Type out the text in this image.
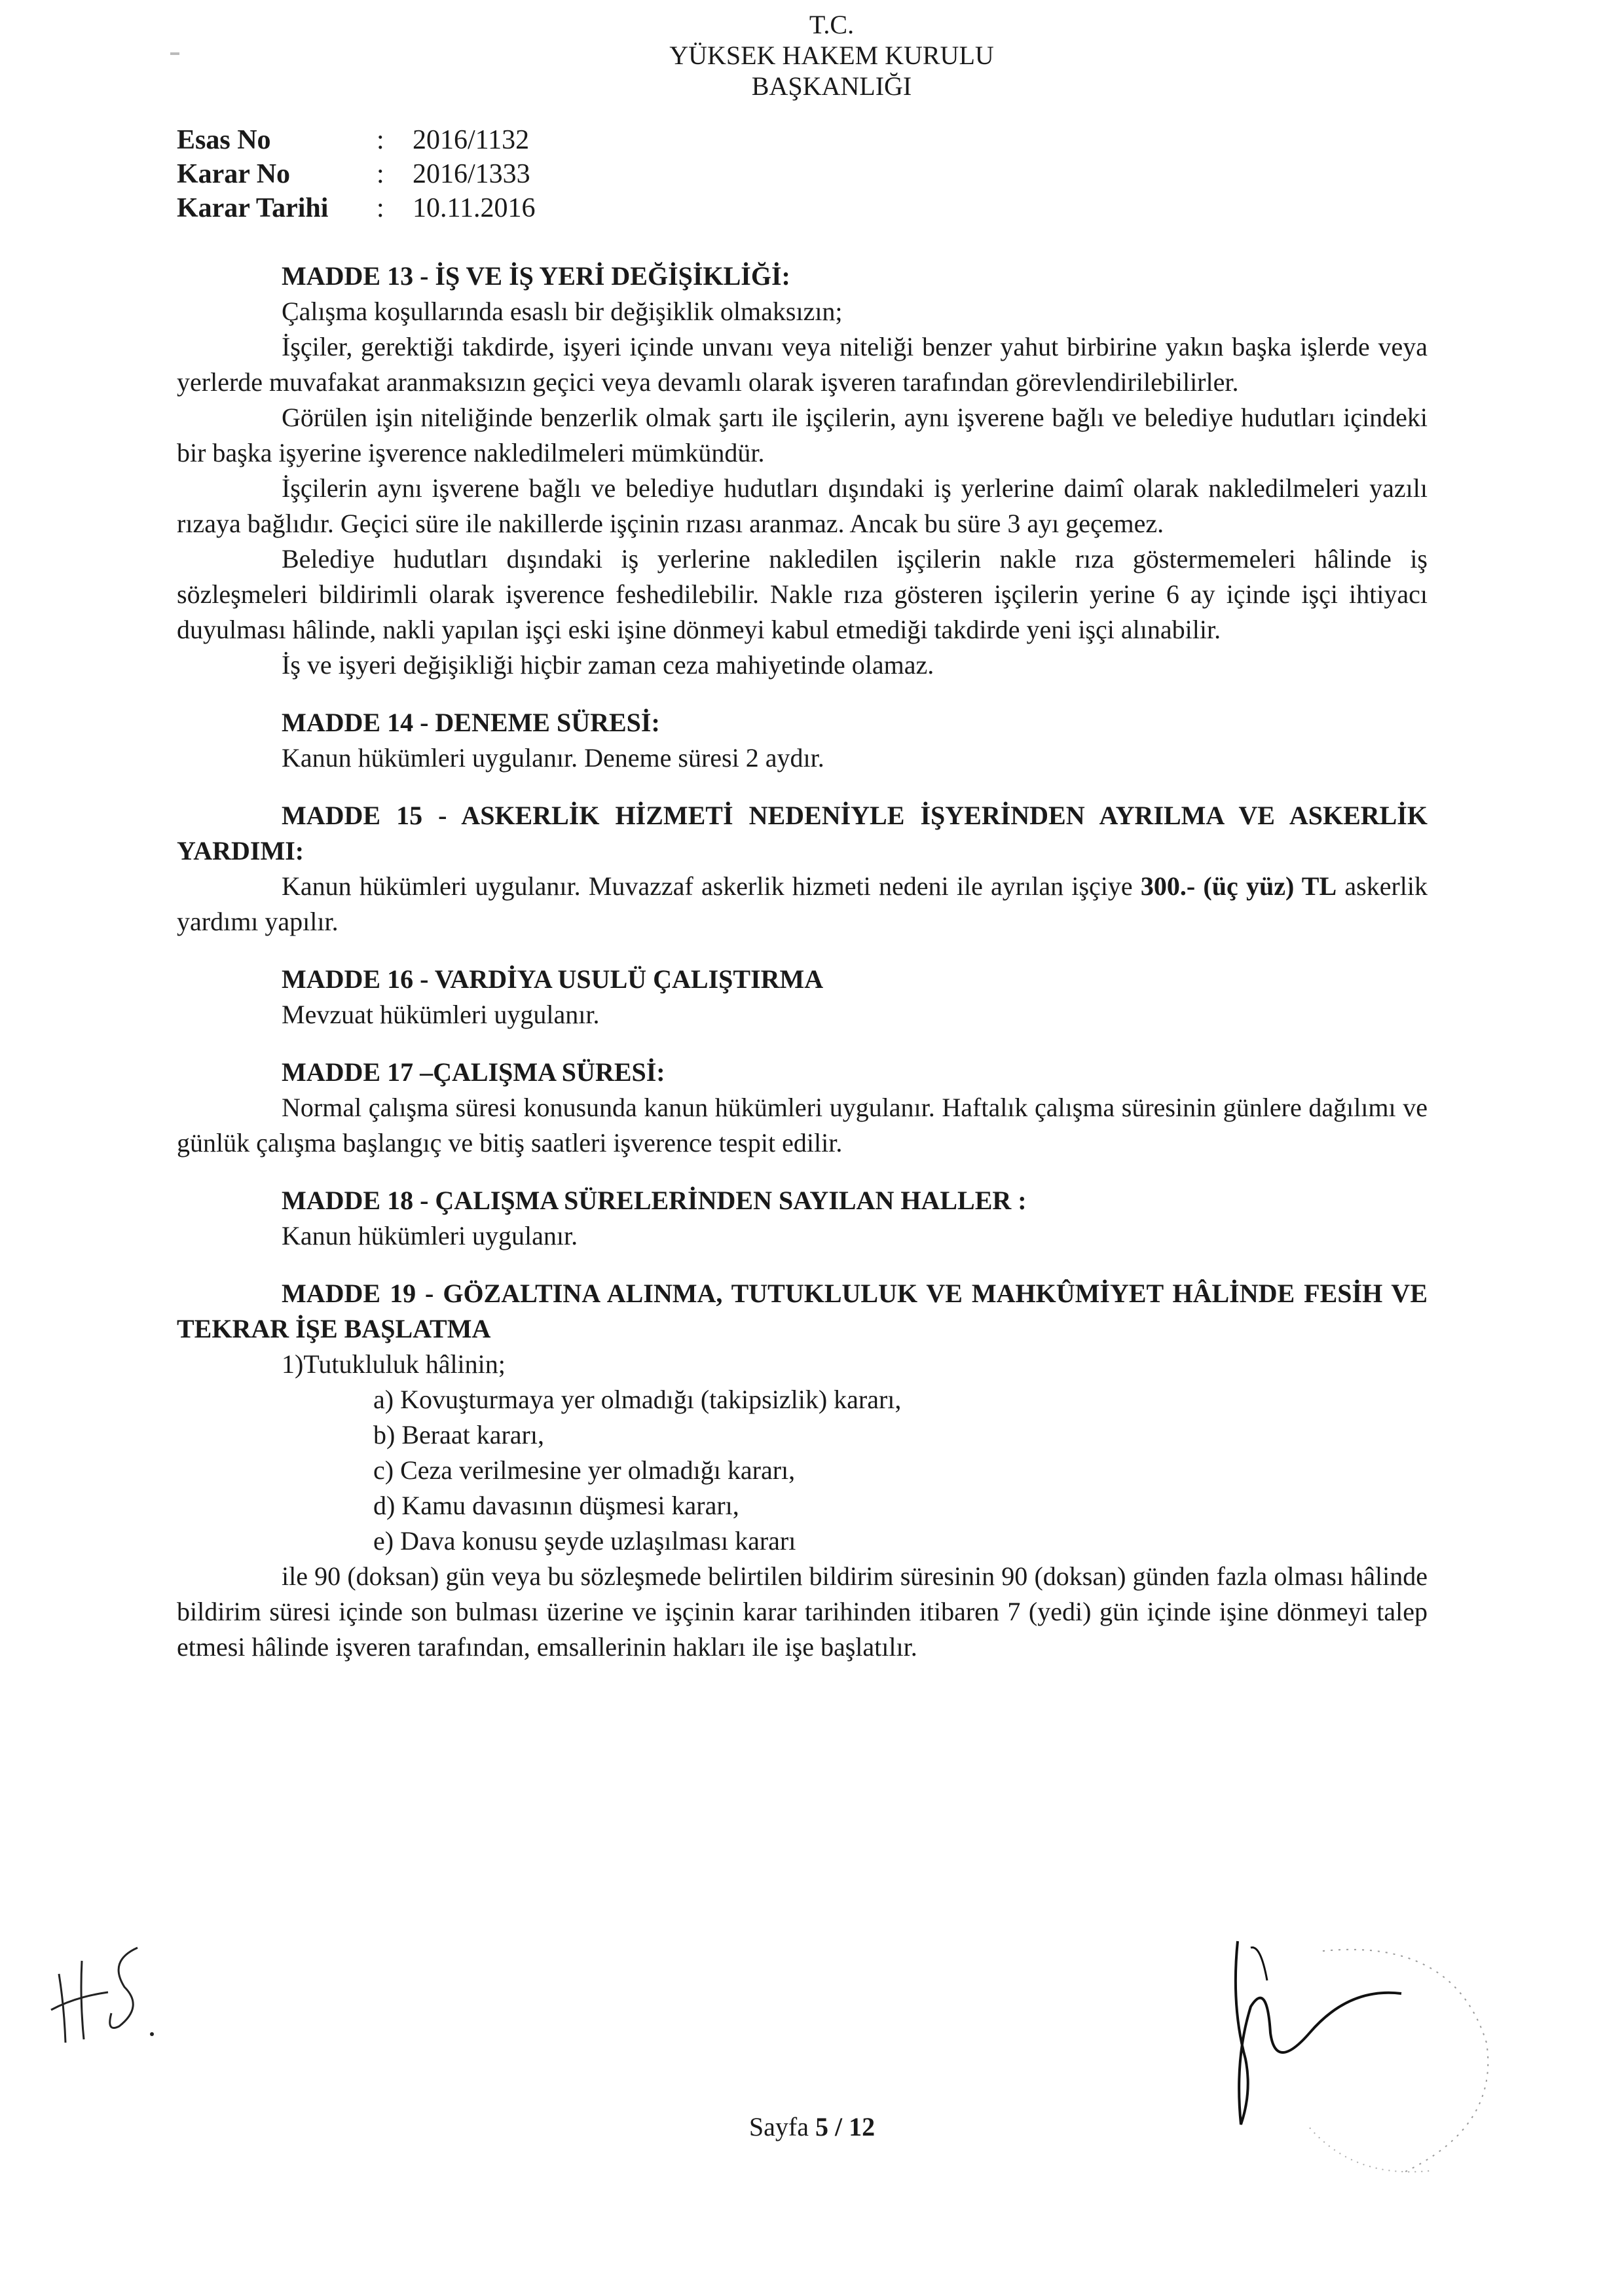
T.C.
YÜKSEK HAKEM KURULU
BAŞKANLIĞI
Esas No	:	2016/1132
Karar No	:	2016/1333
Karar Tarihi	:	10.11.2016
MADDE 13 - İŞ VE İŞ YERİ DEĞİŞİKLİĞİ:

Çalışma koşullarında esaslı bir değişiklik olmaksızın;

İşçiler, gerektiği takdirde, işyeri içinde unvanı veya niteliği benzer yahut birbirine yakın başka işlerde veya yerlerde muvafakat aranmaksızın geçici veya devamlı olarak işveren tarafından görevlendirilebilirler.

Görülen işin niteliğinde benzerlik olmak şartı ile işçilerin, aynı işverene bağlı ve belediye hudutları içindeki bir başka işyerine işverence nakledilmeleri mümkündür.

İşçilerin aynı işverene bağlı ve belediye hudutları dışındaki iş yerlerine daimî olarak nakledilmeleri yazılı rızaya bağlıdır. Geçici süre ile nakillerde işçinin rızası aranmaz. Ancak bu süre 3 ayı geçemez.

Belediye hudutları dışındaki iş yerlerine nakledilen işçilerin nakle rıza göstermemeleri hâlinde iş sözleşmeleri bildirimli olarak işverence feshedilebilir. Nakle rıza gösteren işçilerin yerine 6 ay içinde işçi ihtiyacı duyulması hâlinde, nakli yapılan işçi eski işine dönmeyi kabul etmediği takdirde yeni işçi alınabilir.

İş ve işyeri değişikliği hiçbir zaman ceza mahiyetinde olamaz.

MADDE 14 - DENEME SÜRESİ:

Kanun hükümleri uygulanır. Deneme süresi 2 aydır.

MADDE 15 - ASKERLİK HİZMETİ NEDENİYLE İŞYERİNDEN AYRILMA VE ASKERLİK YARDIMI:

Kanun hükümleri uygulanır. Muvazzaf askerlik hizmeti nedeni ile ayrılan işçiye 300.- (üç yüz) TL askerlik yardımı yapılır.

MADDE 16 - VARDİYA USULÜ ÇALIŞTIRMA

Mevzuat hükümleri uygulanır.

MADDE 17 –ÇALIŞMA SÜRESİ:

Normal çalışma süresi konusunda kanun hükümleri uygulanır. Haftalık çalışma süresinin günlere dağılımı ve günlük çalışma başlangıç ve bitiş saatleri işverence tespit edilir.

MADDE 18 - ÇALIŞMA SÜRELERİNDEN SAYILAN HALLER :

Kanun hükümleri uygulanır.

MADDE 19 - GÖZALTINA ALINMA, TUTUKLULUK VE MAHKÛMİYET HÂLİNDE FESİH VE TEKRAR İŞE BAŞLATMA

1)Tutukluluk hâlinin;

a) Kovuşturmaya yer olmadığı (takipsizlik) kararı,

b) Beraat kararı,

c) Ceza verilmesine yer olmadığı kararı,

d) Kamu davasının düşmesi kararı,

e) Dava konusu şeyde uzlaşılması kararı

ile 90 (doksan) gün veya bu sözleşmede belirtilen bildirim süresinin 90 (doksan) günden fazla olması hâlinde bildirim süresi içinde son bulması üzerine ve işçinin karar tarihinden itibaren 7 (yedi) gün içinde işine dönmeyi talep etmesi hâlinde işveren tarafından, emsallerinin hakları ile işe başlatılır.

Sayfa 5 / 12
